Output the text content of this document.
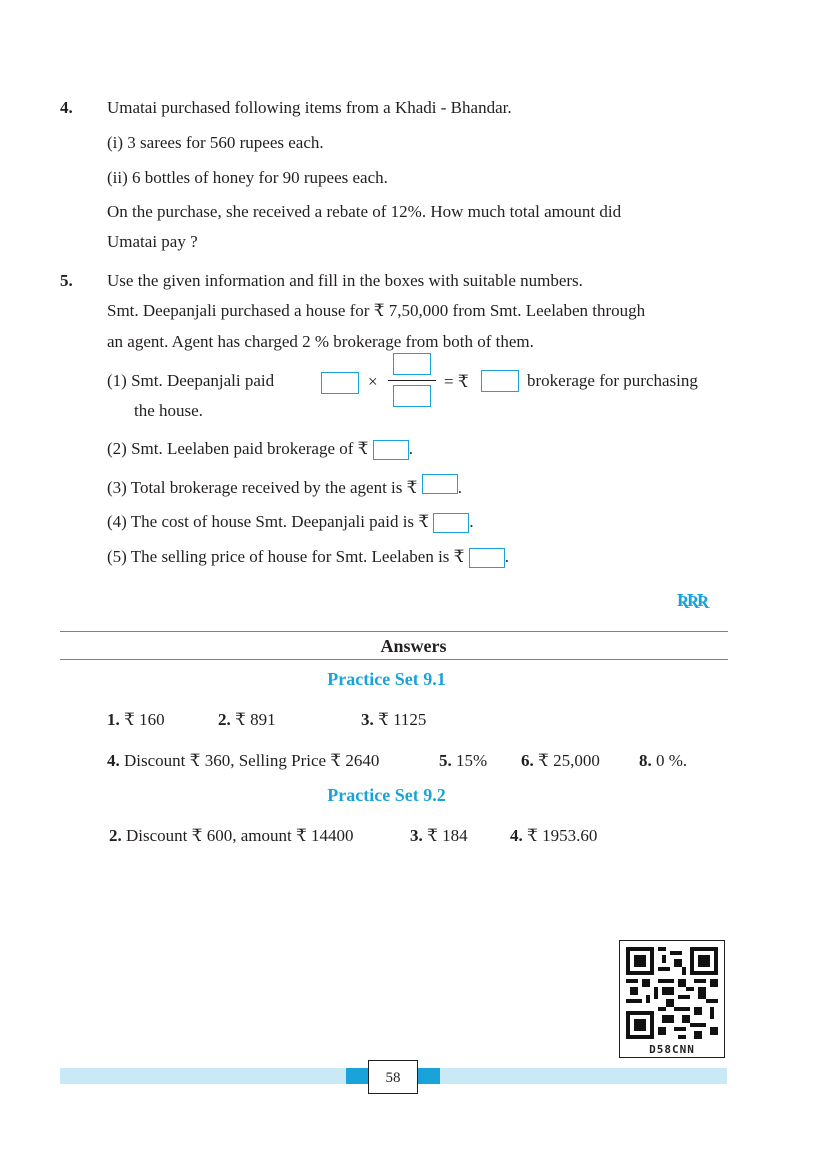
4. Umatai purchased following items from a Khadi - Bhandar.
(i) 3 sarees for 560 rupees each.
(ii) 6 bottles of honey for 90 rupees each.
On the purchase, she received a rebate of 12%. How much total amount did
Umatai pay ?
5. Use the given information and fill in the boxes with suitable numbers.
Smt. Deepanjali purchased a house for ₹ 7,50,000 from Smt. Leelaben through
an agent. Agent has charged 2 % brokerage from both of them.
(1) Smt. Deepanjali paid	×	= ₹	brokerage for purchasing
the house.
(2) Smt. Leelaben paid brokerage of ₹ .
(3) Total brokerage received by the agent is ₹ .
(4) The cost of house Smt. Deepanjali paid is ₹ .
(5) The selling price of house for Smt. Leelaben is ₹ .
ƦƦƦ
Answers
Practice Set 9.1
1. ₹ 160	2. ₹ 891	3. ₹ 1125
4. Discount ₹ 360, Selling Price ₹ 2640	5. 15% 6. ₹ 25,000 8. 0 %.
Practice Set 9.2
2. Discount ₹ 600, amount ₹ 14400	3. ₹ 184 4. ₹ 1953.60
D58CNN
58
